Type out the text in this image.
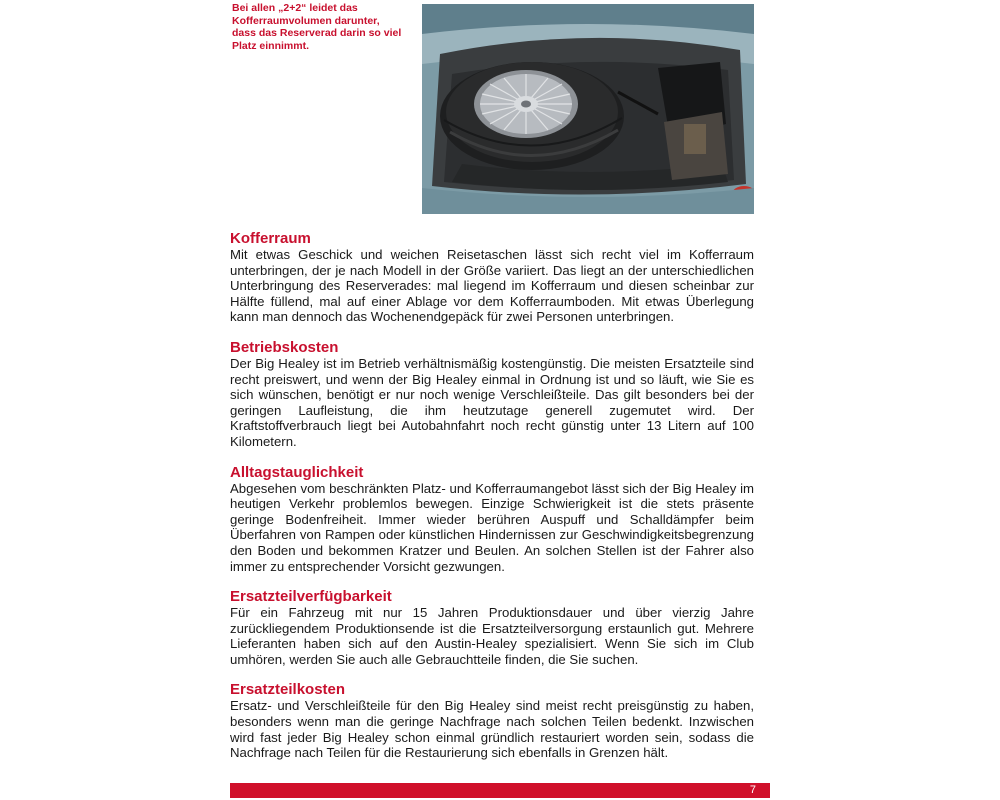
Bei allen „2+2“ leidet das Kofferraumvolumen darunter, dass das Reserverad darin so viel Platz einnimmt.
Kofferraum

Mit etwas Geschick und weichen Reisetaschen lässt sich recht viel im Kofferraum unterbringen, der je nach Modell in der Größe variiert. Das liegt an der unterschiedlichen Unterbringung des Reserverades: mal liegend im Kofferraum und diesen scheinbar zur Hälfte füllend, mal auf einer Ablage vor dem Kofferraumboden. Mit etwas Überlegung kann man dennoch das Wochenendgepäck für zwei Personen unterbringen.

Betriebskosten

Der Big Healey ist im Betrieb verhältnismäßig kostengünstig. Die meisten Ersatzteile sind recht preiswert, und wenn der Big Healey einmal in Ordnung ist und so läuft, wie Sie es sich wünschen, benötigt er nur noch wenige Verschleißteile. Das gilt besonders bei der geringen Laufleistung, die ihm heutzutage generell zugemutet wird. Der Kraftstoffverbrauch liegt bei Autobahnfahrt noch recht günstig unter 13 Litern auf 100 Kilometern.

Alltagstauglichkeit

Abgesehen vom beschränkten Platz- und Kofferraumangebot lässt sich der Big Healey im heutigen Verkehr problemlos bewegen. Einzige Schwierigkeit ist die stets präsente geringe Bodenfreiheit. Immer wieder berühren Auspuff und Schalldämpfer beim Überfahren von Rampen oder künstlichen Hindernissen zur Geschwindigkeitsbegrenzung den Boden und bekommen Kratzer und Beulen. An solchen Stellen ist der Fahrer also immer zu entsprechender Vorsicht gezwungen.

Ersatzteilverfügbarkeit

Für ein Fahrzeug mit nur 15 Jahren Produktionsdauer und über vierzig Jahre zurückliegendem Produktionsende ist die Ersatzteilversorgung erstaunlich gut. Mehrere Lieferanten haben sich auf den Austin-Healey spezialisiert. Wenn Sie sich im Club umhören, werden Sie auch alle Gebrauchtteile finden, die Sie suchen.

Ersatzteilkosten

Ersatz- und Verschleißteile für den Big Healey sind meist recht preisgünstig zu haben, besonders wenn man die geringe Nachfrage nach solchen Teilen bedenkt. Inzwischen wird fast jeder Big Healey schon einmal gründlich restauriert worden sein, sodass die Nachfrage nach Teilen für die Restaurierung sich ebenfalls in Grenzen hält.

7
